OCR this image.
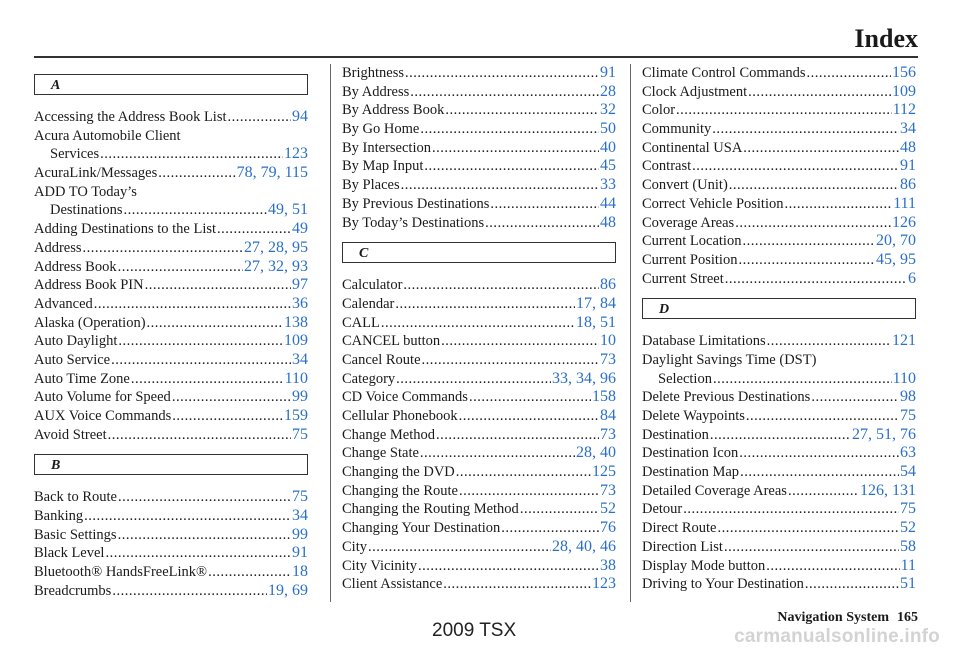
Index
A
Accessing the Address Book List .....	94
Acura Automobile Client
Services .....	123
AcuraLink/Messages .....	78, 79, 115
ADD TO Today’s
Destinations .....	49, 51
Adding Destinations to the List .....	49
Address .....	27, 28, 95
Address Book .....	27, 32, 93
Address Book PIN .....	97
Advanced .....	36
Alaska (Operation) .....	138
Auto Daylight .....	109
Auto Service .....	34
Auto Time Zone .....	110
Auto Volume for Speed .....	99
AUX Voice Commands .....	159
Avoid Street .....	75
B
Back to Route .....	75
Banking .....	34
Basic Settings .....	99
Black Level .....	91
Bluetooth® HandsFreeLink® .....	18
Breadcrumbs .....	19, 69
Brightness .....	91
By Address .....	28
By Address Book .....	32
By Go Home .....	50
By Intersection .....	40
By Map Input .....	45
By Places .....	33
By Previous Destinations .....	44
By Today’s Destinations .....	48
C
Calculator .....	86
Calendar .....	17, 84
CALL .....	18, 51
CANCEL button .....	10
Cancel Route .....	73
Category .....	33, 34, 96
CD Voice Commands .....	158
Cellular Phonebook .....	84
Change Method .....	73
Change State .....	28, 40
Changing the DVD .....	125
Changing the Route .....	73
Changing the Routing Method .....	52
Changing Your Destination .....	76
City .....	28, 40, 46
City Vicinity .....	38
Client Assistance .....	123
Climate Control Commands .....	156
Clock Adjustment .....	109
Color .....	112
Community .....	34
Continental USA .....	48
Contrast .....	91
Convert (Unit) .....	86
Correct Vehicle Position .....	111
Coverage Areas .....	126
Current Location .....	20, 70
Current Position .....	45, 95
Current Street .....	6
D
Database Limitations .....	121
Daylight Savings Time (DST)
Selection .....	110
Delete Previous Destinations .....	98
Delete Waypoints .....	75
Destination .....	27, 51, 76
Destination Icon .....	63
Destination Map .....	54
Detailed Coverage Areas .....	126, 131
Detour .....	75
Direct Route .....	52
Direction List .....	58
Display Mode button .....	11
Driving to Your Destination .....	51
Navigation System 165
2009 TSX	carmanualsonline.info
